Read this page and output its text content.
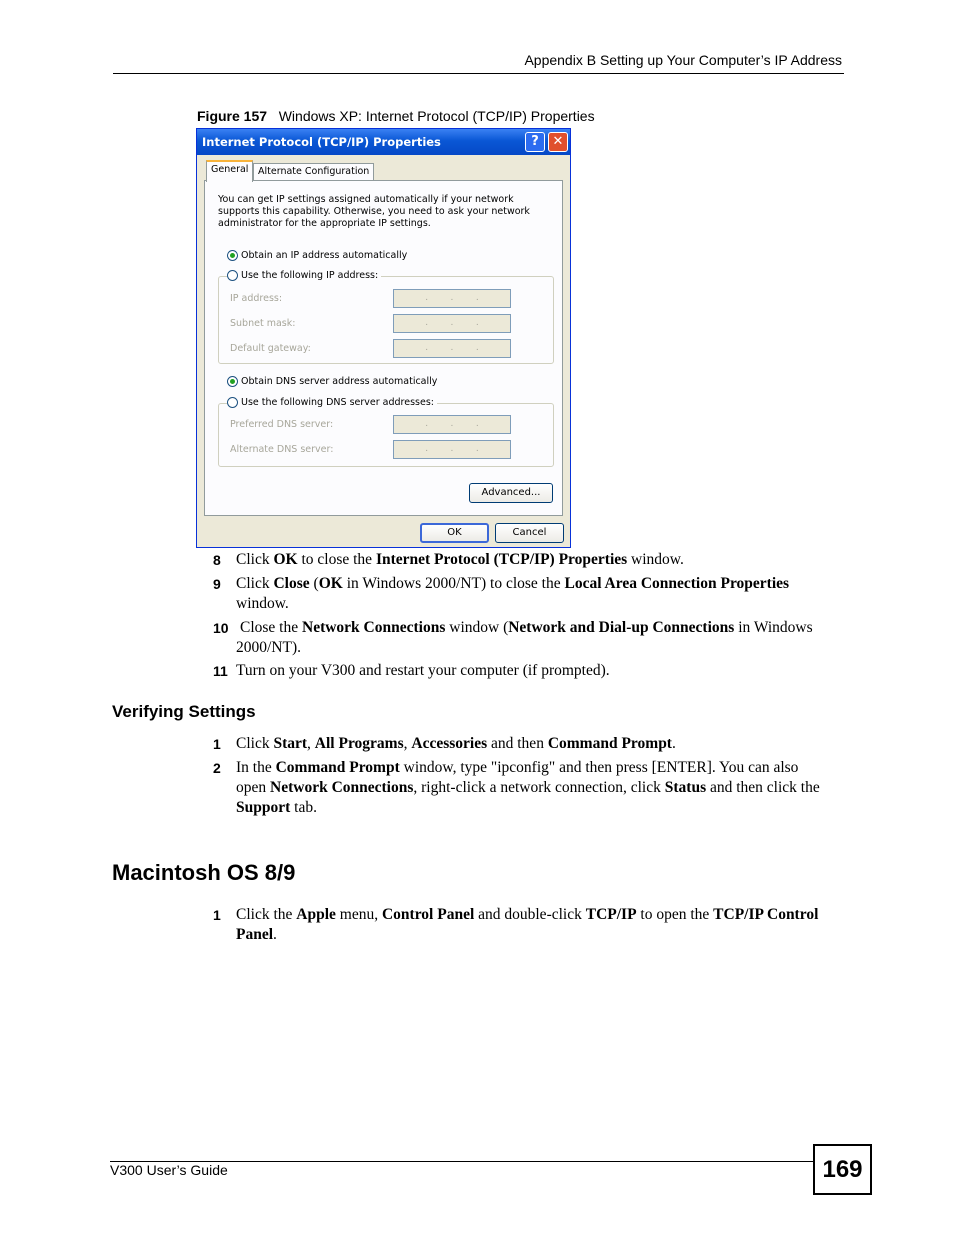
Appendix B Setting up Your Computer’s IP Address
Figure 157 Windows XP: Internet Protocol (TCP/IP) Properties
Internet Protocol (TCP/IP) Properties	?	✕
General	Alternate Configuration
You can get IP settings assigned automatically if your network supports this capability. Otherwise, you need to ask your network administrator for the appropriate IP settings.
Obtain an IP address automatically
Use the following IP address:
IP address:	. . .
Subnet mask:	. . .
Default gateway:	. . .
Obtain DNS server address automatically
Use the following DNS server addresses:
Preferred DNS server:	. . .
Alternate DNS server:	. . .
Advanced...
OK	Cancel
8 Click OK to close the Internet Protocol (TCP/IP) Properties window.
9 Click Close (OK in Windows 2000/NT) to close the Local Area Connection Properties window.
10 Close the Network Connections window (Network and Dial-up Connections in Windows 2000/NT).
11 Turn on your V300 and restart your computer (if prompted).
Verifying Settings
1 Click Start, All Programs, Accessories and then Command Prompt.
2 In the Command Prompt window, type "ipconfig" and then press [ENTER]. You can also open Network Connections, right-click a network connection, click Status and then click the Support tab.
Macintosh OS 8/9
1 Click the Apple menu, Control Panel and double-click TCP/IP to open the TCP/IP Control Panel.
V300 User’s Guide	169
